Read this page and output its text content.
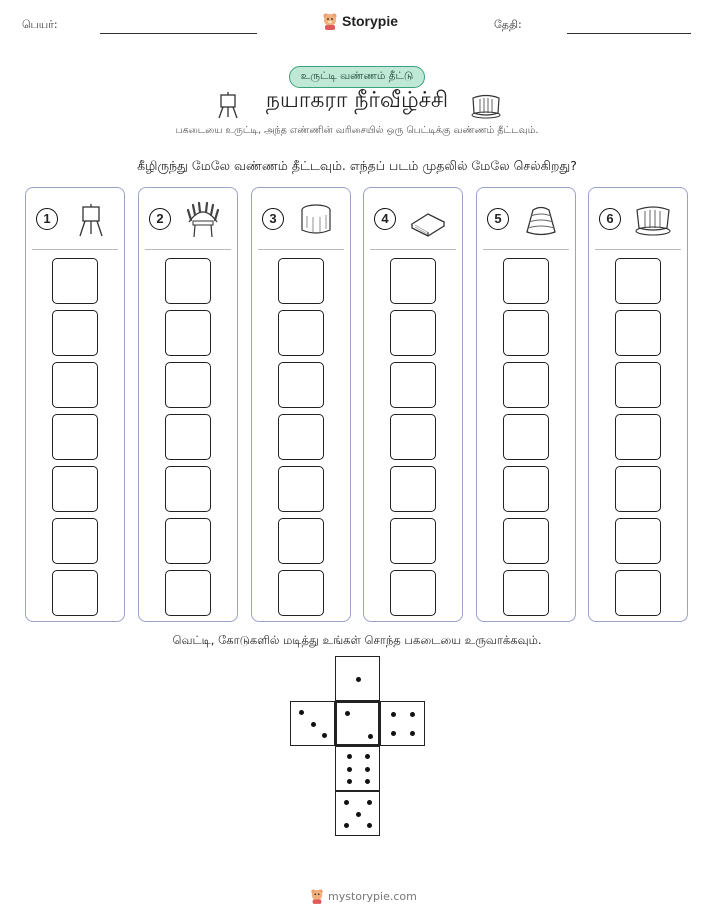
பெயர்:	Storypie	தேதி:
உருட்டி வண்ணம் தீட்டு
நயாகரா நீர்வீழ்ச்சி
பகடையை உருட்டி, அந்த எண்ணின் வரிசையில் ஒரு பெட்டிக்கு வண்ணம் தீட்டவும்.
கீழிருந்து மேலே வண்ணம் தீட்டவும். எந்தப் படம் முதலில் மேலே செல்கிறது?
1	2	3	4	5	6
வெட்டி, கோடுகளில் மடித்து உங்கள் சொந்த பகடையை உருவாக்கவும்.
mystorypie.com
